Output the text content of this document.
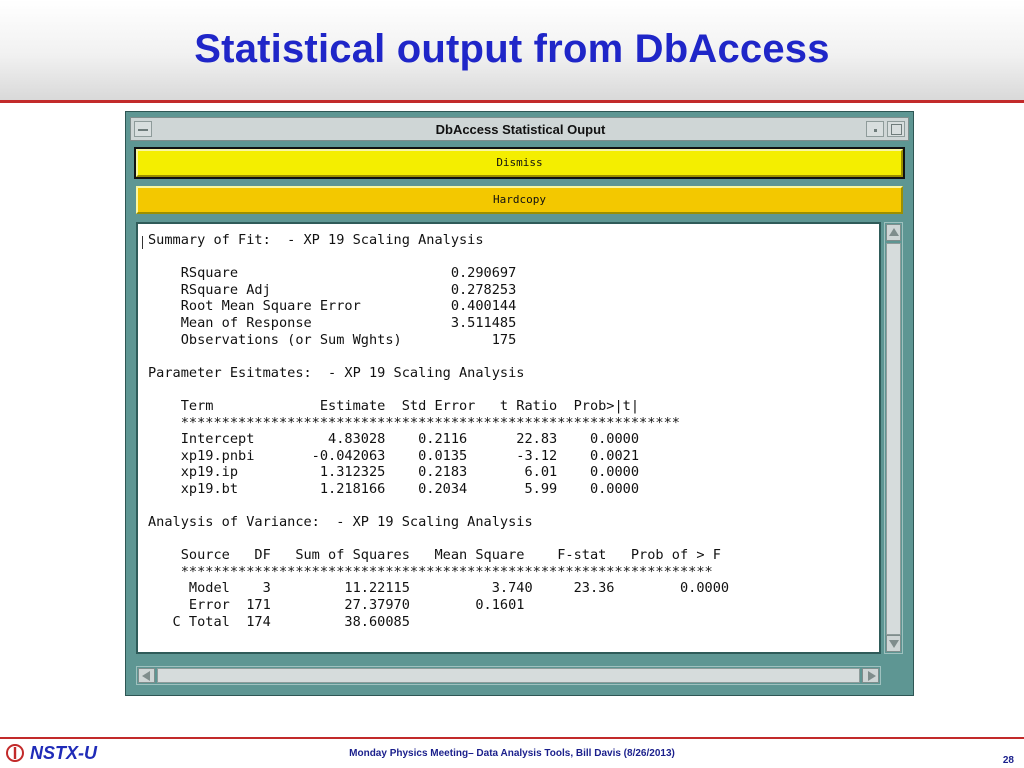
Statistical output from DbAccess
DbAccess Statistical Ouput
Dismiss
Hardcopy
Summary of Fit:  - XP 19 Scaling Analysis

RSquare                          0.290697
RSquare Adj                      0.278253
Root Mean Square Error           0.400144
Mean of Response                 3.511485
Observations (or Sum Wghts)           175

Parameter Esitmates:  - XP 19 Scaling Analysis

Term             Estimate  Std Error   t Ratio  Prob>|t|
*************************************************************
Intercept         4.83028    0.2116      22.83    0.0000
xp19.pnbi       -0.042063    0.0135      -3.12    0.0021
xp19.ip          1.312325    0.2183       6.01    0.0000
xp19.bt          1.218166    0.2034       5.99    0.0000

Analysis of Variance:  - XP 19 Scaling Analysis

Source   DF   Sum of Squares   Mean Square    F-stat   Prob of > F
*****************************************************************
Model    3         11.22115          3.740     23.36        0.0000
Error  171         27.37970        0.1601
C Total  174         38.60085
NSTX-U	Monday Physics Meeting– Data Analysis Tools, Bill Davis (8/26/2013)
28
